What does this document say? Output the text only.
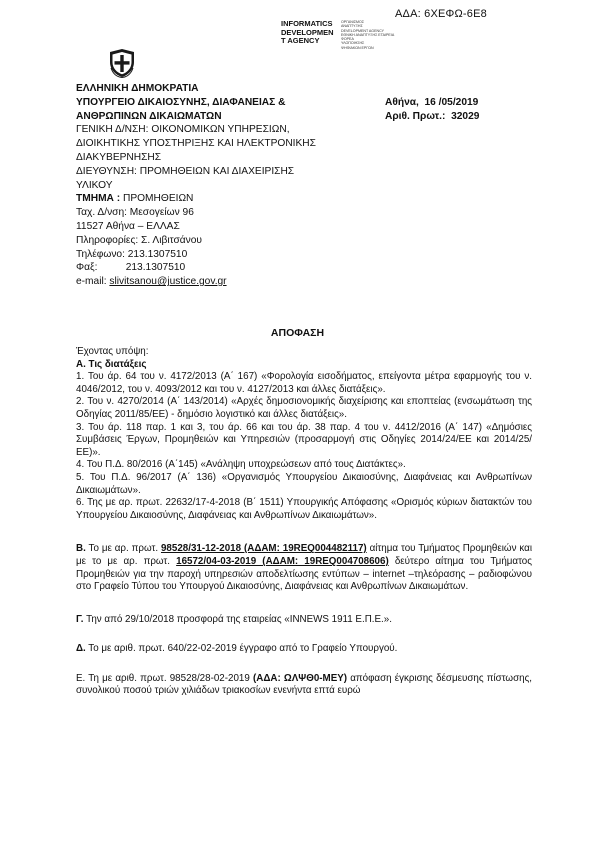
ΑΔΑ: 6ΧΕΦΩ-6Ε8
INFORMATICS
DEVELOPMEN
T AGENCY
ΟΡΓΑΝΙΣΜΟΣ
ΑΝΑΠΤΥΞΗΣ
DEVELOPMENT AGENCY
ΕΘΝΙΚΗ ΑΝΑΠΤΥΞΗΣ ΕΤΑΙΡΕΙΑ
ΦΟΡΕΑ
ΥΛΟΠΟΙΗΣΗΣ
ΨΗΦΙΑΚΩΝ ΕΡΓΩΝ
ΕΛΛΗΝΙΚΗ ΔΗΜΟΚΡΑΤΙΑ
ΥΠΟΥΡΓΕΙΟ ΔΙΚΑΙΟΣΥΝΗΣ, ΔΙΑΦΑΝΕΙΑΣ &
ΑΝΘΡΩΠΙΝΩΝ ΔΙΚΑΙΩΜΑΤΩΝ
ΓΕΝΙΚΗ Δ/ΝΣΗ: ΟΙΚΟΝΟΜΙΚΩΝ ΥΠΗΡΕΣΙΩΝ,
ΔΙΟΙΚΗΤΙΚΗΣ ΥΠΟΣΤΗΡΙΞΗΣ ΚΑΙ ΗΛΕΚΤΡΟΝΙΚΗΣ
ΔΙΑΚΥΒΕΡΝΗΣΗΣ
ΔΙΕΥΘΥΝΣΗ: ΠΡΟΜΗΘΕΙΩΝ ΚΑΙ ΔΙΑΧΕΙΡΙΣΗΣ
ΥΛΙΚΟΥ
ΤΜΗΜΑ : ΠΡΟΜΗΘΕΙΩΝ
Ταχ. Δ/νση: Μεσογείων 96
11527 Αθήνα – ΕΛΛΑΣ
Πληροφορίες: Σ. Λιβιτσάνου
Τηλέφωνο: 213.1307510
Φαξ:          213.1307510
e-mail: slivitsanou@justice.gov.gr
Αθήνα,  16 /05/2019
Αριθ. Πρωτ.:  32029
ΑΠΟΦΑΣΗ

Έχοντας υπόψη:

Α. Τις διατάξεις

1. Του άρ. 64 του ν. 4172/2013 (Α΄ 167) «Φορολογία εισοδήματος, επείγοντα μέτρα εφαρμογής του ν. 4046/2012, του ν. 4093/2012 και του ν. 4127/2013 και άλλες διατάξεις».

2. Του ν. 4270/2014 (Α΄ 143/2014) «Αρχές δημοσιονομικής διαχείρισης και εποπτείας (ενσωμάτωση της Οδηγίας 2011/85/ΕΕ) - δημόσιο λογιστικό και άλλες διατάξεις».

3. Του άρ. 118 παρ. 1 και 3, του άρ. 66 και του άρ. 38 παρ. 4 του ν. 4412/2016 (Α΄ 147) «Δημόσιες Συμβάσεις Έργων, Προμηθειών και Υπηρεσιών (προσαρμογή στις Οδηγίες 2014/24/ΕΕ και 2014/25/ΕΕ)».

4. Του Π.Δ. 80/2016 (Α΄145) «Ανάληψη υποχρεώσεων από τους Διατάκτες».

5. Του Π.Δ. 96/2017 (Α΄ 136) «Οργανισμός Υπουργείου Δικαιοσύνης, Διαφάνειας και Ανθρωπίνων Δικαιωμάτων».

6. Της με αρ. πρωτ. 22632/17-4-2018 (Β΄ 1511) Υπουργικής Απόφασης «Ορισμός κύριων διατακτών του Υπουργείου Δικαιοσύνης, Διαφάνειας και Ανθρωπίνων Δικαιωμάτων».

Β. Το με αρ. πρωτ. 98528/31-12-2018 (ΑΔΑΜ: 19REQ004482117) αίτημα του Τμήματος Προμηθειών και με το με αρ. πρωτ. 16572/04-03-2019 (ΑΔΑΜ: 19REQ004708606) δεύτερο αίτημα του Τμήματος Προμηθειών για την παροχή υπηρεσιών αποδελτίωσης εντύπων – internet –τηλεόρασης – ραδιοφώνου στο Γραφείο Τύπου του Υπουργού Δικαιοσύνης, Διαφάνειας και Ανθρωπίνων Δικαιωμάτων.

Γ. Την από 29/10/2018 προσφορά της εταιρείας «INNEWS 1911 Ε.Π.Ε.».

Δ. Το με αριθ. πρωτ. 640/22-02-2019 έγγραφο από το Γραφείο Υπουργού.

Ε. Τη με αριθ. πρωτ. 98528/28-02-2019 (ΑΔΑ: ΩΛΨΘ0-ΜΕΥ) απόφαση έγκρισης δέσμευσης πίστωσης, συνολικού ποσού τριών χιλιάδων τριακοσίων ενενήντα επτά ευρώ
